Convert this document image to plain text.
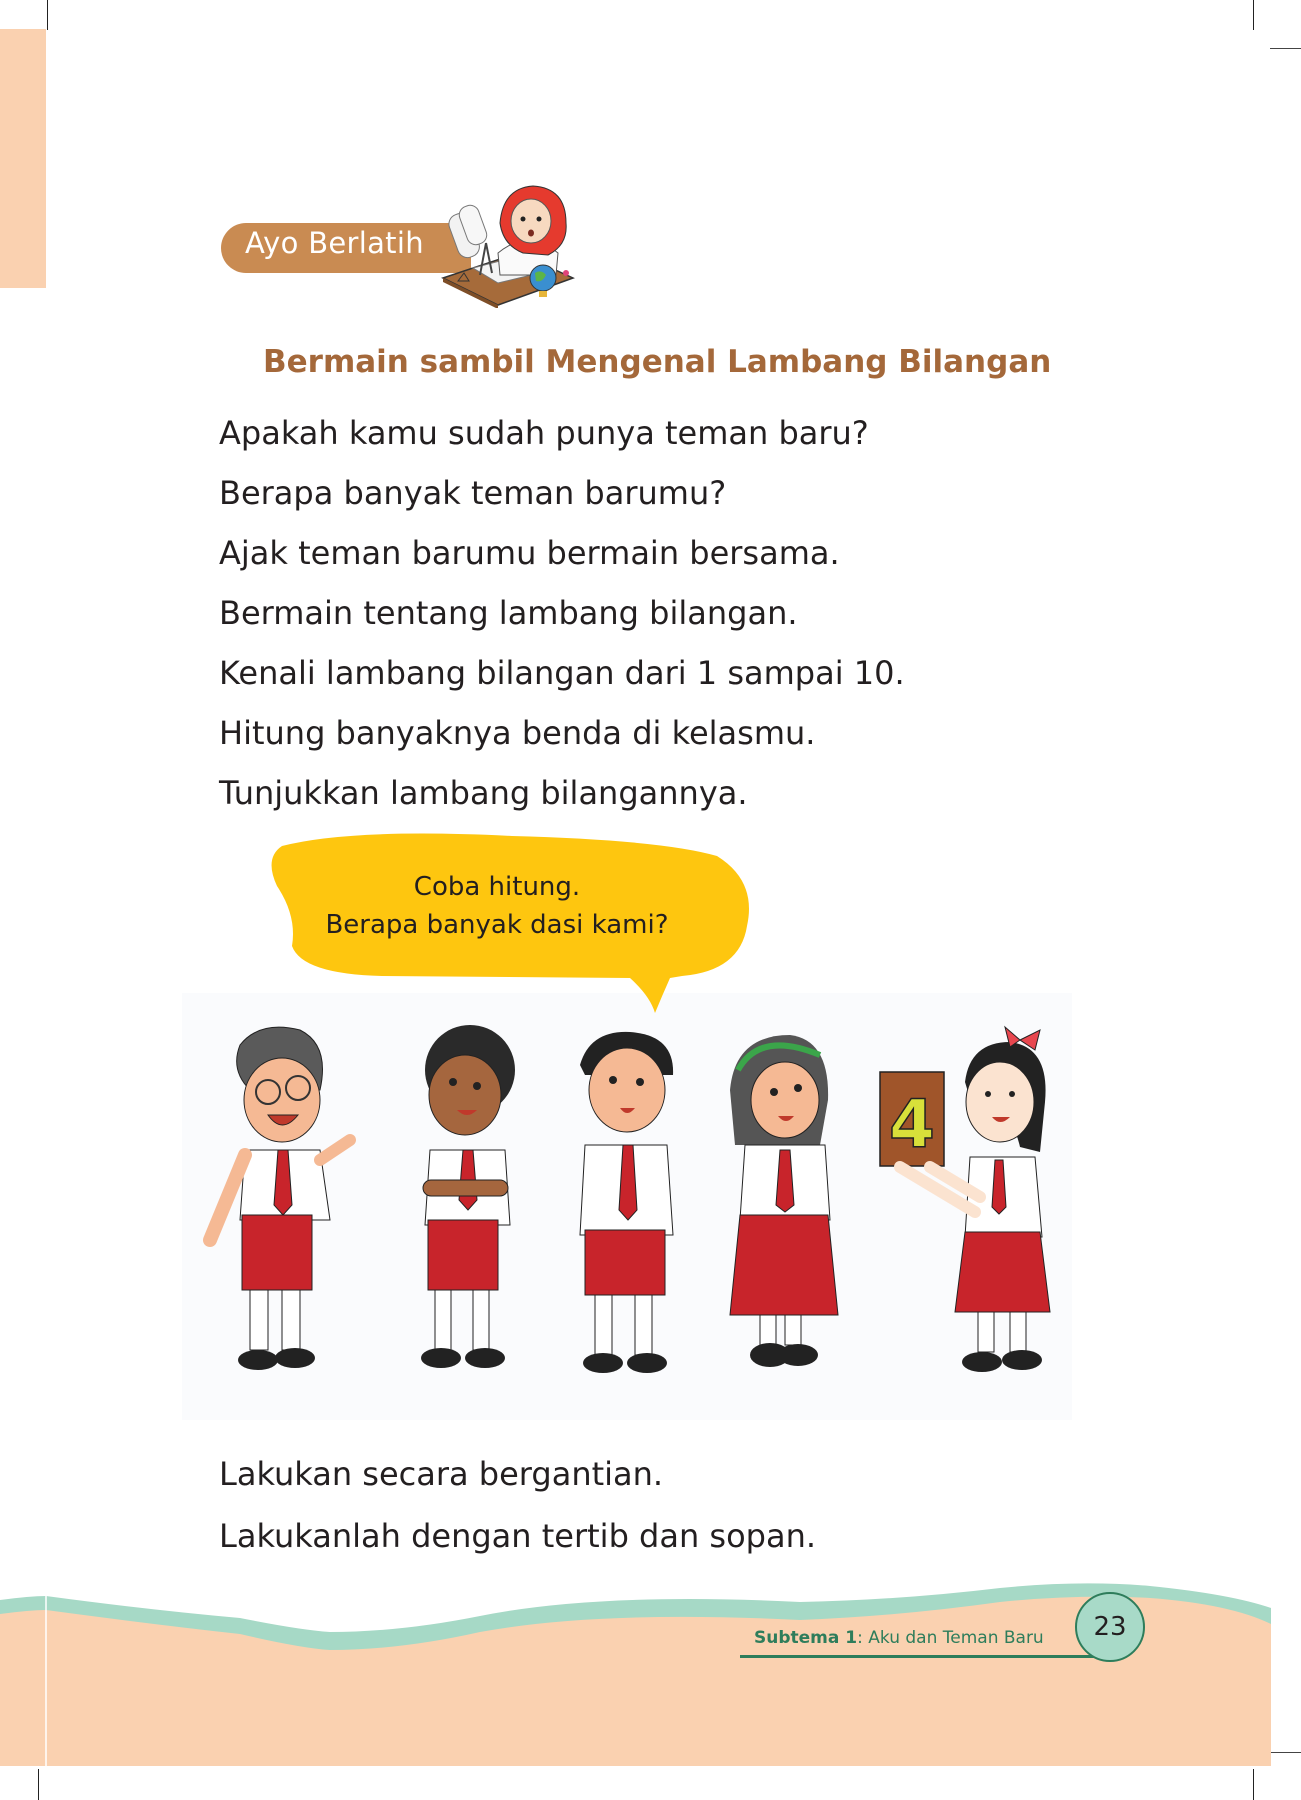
Ayo Berlatih
Bermain sambil Mengenal Lambang Bilangan
Apakah kamu sudah punya teman baru?
Berapa banyak teman barumu?
Ajak teman barumu bermain bersama.
Bermain tentang lambang bilangan.
Kenali lambang bilangan dari 1 sampai 10.
Hitung banyaknya benda di kelasmu.
Tunjukkan lambang bilangannya.
Coba hitung.
Berapa banyak dasi kami?
4
Lakukan secara bergantian.
Lakukanlah dengan tertib dan sopan.
Subtema 1: Aku dan Teman Baru	23
